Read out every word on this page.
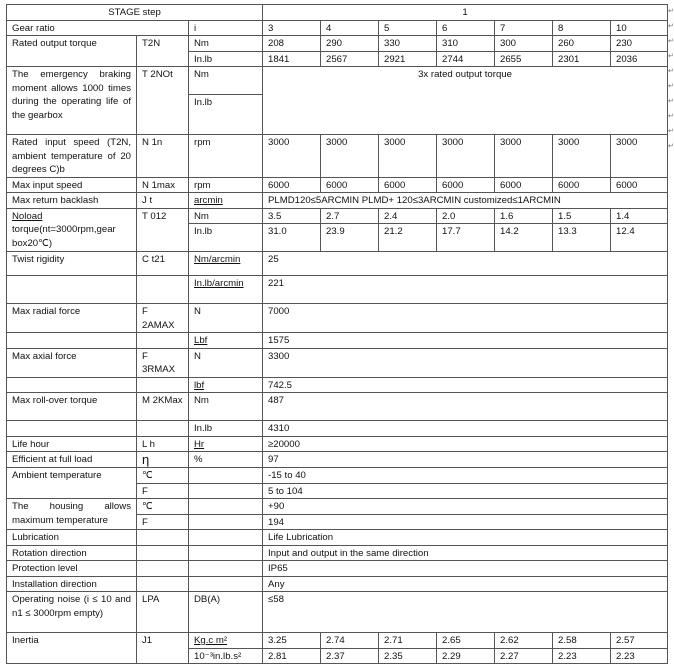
STAGE step			1						
Gear ratio		i	3	4	5	6	7	8	10
Rated output torque	T2N	Nm	208	290	330	310	300	260	230
		In.lb	1841	2567	2921	2744	2655	2301	2036
The emergency braking moment allows 1000 times during the operating life of the gearbox	T 2NOt	Nm	3x rated output torque						
		In.lb							
Rated input speed (T2N, ambient temperature of 20 degrees C)b	N 1n	rpm	3000	3000	3000	3000	3000	3000	3000
Max input speed	N 1max	rpm	6000	6000	6000	6000	6000	6000	6000
Max return backlash	J t	arcmin	PLMD120≤5ARCMIN PLMD+ 120≤3ARCMIN customized≤1ARCMIN						
Noload torque(nt=3000rpm,gear box20℃)	T 012	Nm	3.5	2.7	2.4	2.0	1.6	1.5	1.4
		In.lb	31.0	23.9	21.2	17.7	14.2	13.3	12.4
Twist rigidity	C t21	Nm/arcmin	25						
		In.lb/arcmin	221						
Max radial force	F 2AMAX	N	7000						
		Lbf	1575						
Max axial force	F 3RMAX	N	3300						
		lbf	742.5						
Max roll-over torque	M 2KMax	Nm	487						
		In.lb	4310						
Life hour	L h	Hr	≥20000						
Efficient at full load	η	%	97						
Ambient temperature	℃		-15 to 40						
	F		5 to 104						
The housing allows maximum temperature	℃		+90						
	F		194						
Lubrication			Life Lubrication						
Rotation direction			Input and output in the same direction						
Protection level			IP65						
Installation direction			Any						
Operating noise (i ≤ 10 and n1 ≤ 3000rpm empty)	LPA	DB(A)	≤58						
Inertia	J1	Kg.c m²	3.25	2.74	2.71	2.65	2.62	2.58	2.57
		10⁻³in.lb.s²	2.81	2.37	2.35	2.29	2.27	2.23	2.23
↵
↵
↵
↵
↵
↵
↵
↵
↵
↵
